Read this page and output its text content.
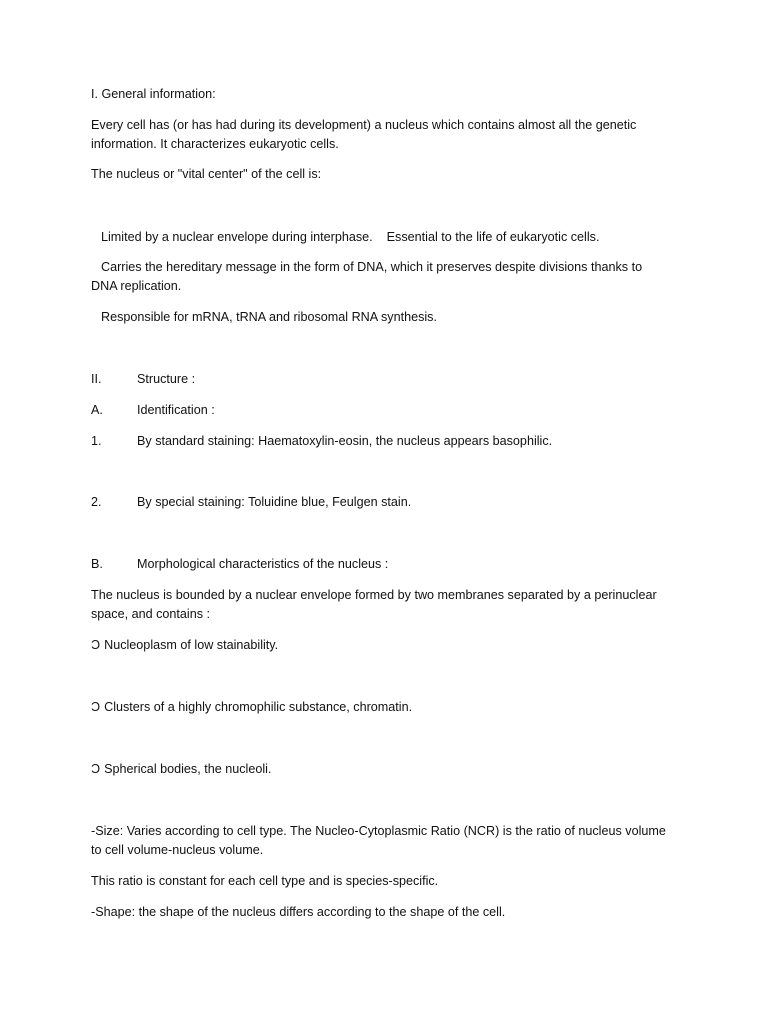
I. General information:
Every cell has (or has had during its development) a nucleus which contains almost all the genetic
information. It characterizes eukaryotic cells.
The nucleus or "vital center" of the cell is:
Limited by a nuclear envelope during interphase. Essential to the life of eukaryotic cells.
Carries the hereditary message in the form of DNA, which it preserves despite divisions thanks to
DNA replication.
Responsible for mRNA, tRNA and ribosomal RNA synthesis.
II.	Structure :
A.	Identification :
1.	By standard staining: Haematoxylin-eosin, the nucleus appears basophilic.
2.	By special staining: Toluidine blue, Feulgen stain.
B.	Morphological characteristics of the nucleus :
The nucleus is bounded by a nuclear envelope formed by two membranes separated by a perinuclear
space, and contains :
Ͻ Nucleoplasm of low stainability.
Ͻ Clusters of a highly chromophilic substance, chromatin.
Ͻ Spherical bodies, the nucleoli.
-Size: Varies according to cell type. The Nucleo-Cytoplasmic Ratio (NCR) is the ratio of nucleus volume
to cell volume-nucleus volume.
This ratio is constant for each cell type and is species-specific.
-Shape: the shape of the nucleus differs according to the shape of the cell.
